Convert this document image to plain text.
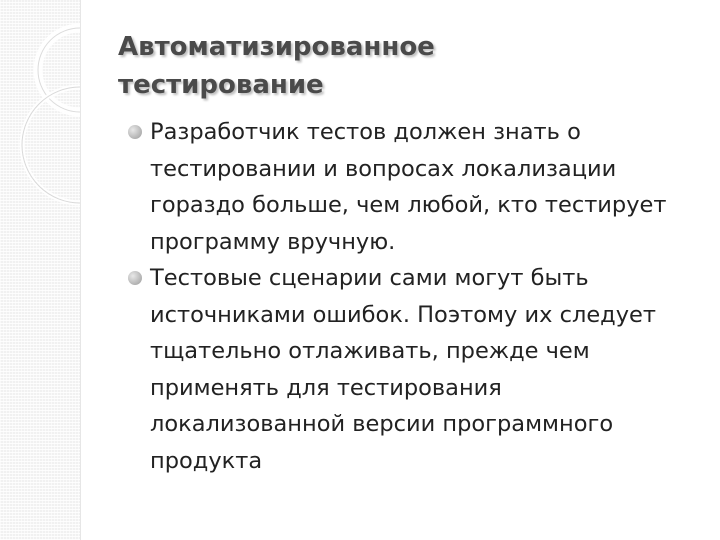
Автоматизированное тестирование
Разработчик тестов должен знать о тестировании и вопросах локализации гораздо больше, чем любой, кто тестирует программу вручную.
Тестовые сценарии сами могут быть источниками ошибок. Поэтому их следует тщательно отлаживать, прежде чем применять для тестирования локализованной версии программного продукта
